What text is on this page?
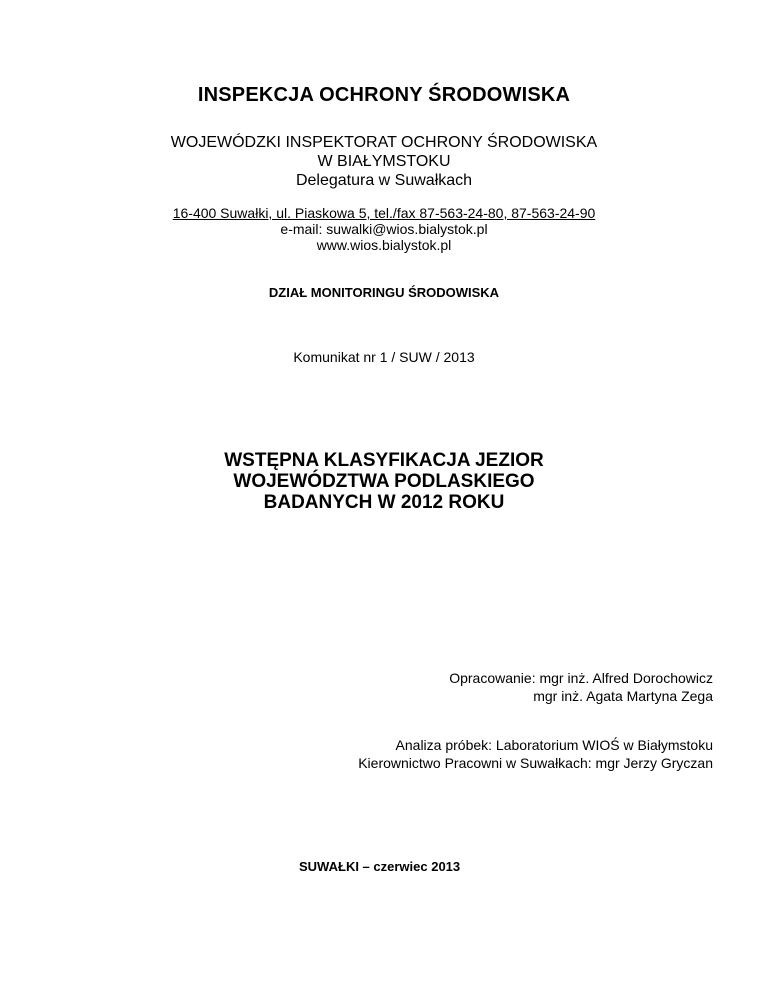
INSPEKCJA OCHRONY ŚRODOWISKA
WOJEWÓDZKI INSPEKTORAT OCHRONY ŚRODOWISKA
W BIAŁYMSTOKU
Delegatura w Suwałkach
16-400 Suwałki, ul. Piaskowa 5, tel./fax 87-563-24-80, 87-563-24-90
e-mail: suwalki@wios.bialystok.pl
www.wios.bialystok.pl
DZIAŁ MONITORINGU ŚRODOWISKA
Komunikat nr 1 / SUW / 2013
WSTĘPNA KLASYFIKACJA JEZIOR
WOJEWÓDZTWA PODLASKIEGO
BADANYCH W 2012 ROKU
Opracowanie: mgr inż. Alfred Dorochowicz
mgr inż. Agata Martyna Zega
Analiza próbek: Laboratorium WIOŚ w Białymstoku
Kierownictwo Pracowni w Suwałkach: mgr Jerzy Gryczan
SUWAŁKI – czerwiec 2013
